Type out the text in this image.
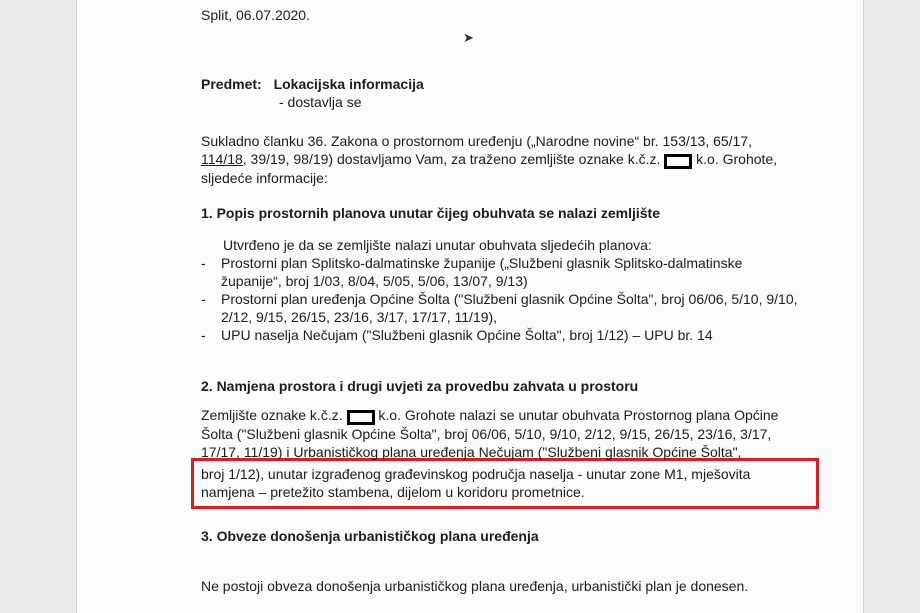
➤
Split, 06.07.2020.
Predmet: Lokacijska informacija
- dostavlja se
Sukladno članku 36. Zakona o prostornom uređenju („Narodne novine“ br. 153/13, 65/17,
114/18, 39/19, 98/19) dostavljamo Vam, za traženo zemljište oznake k.č.z.  k.o. Grohote,
sljedeće informacije:
1. Popis prostornih planova unutar čijeg obuhvata se nalazi zemljište
Utvrđeno je da se zemljište nalazi unutar obuhvata sljedećih planova:
- Prostorni plan Splitsko-dalmatinske županije („Službeni glasnik Splitsko-dalmatinske
županije“, broj 1/03, 8/04, 5/05, 5/06, 13/07, 9/13)
- Prostorni plan uređenja Općine Šolta ("Službeni glasnik Općine Šolta", broj 06/06, 5/10, 9/10,
2/12, 9/15, 26/15, 23/16, 3/17, 17/17, 11/19),
- UPU naselja Nečujam ("Službeni glasnik Općine Šolta", broj 1/12) – UPU br. 14
2. Namjena prostora i drugi uvjeti za provedbu zahvata u prostoru
Zemljište oznake k.č.z.  k.o. Grohote nalazi se unutar obuhvata Prostornog plana Općine
Šolta ("Službeni glasnik Općine Šolta", broj 06/06, 5/10, 9/10, 2/12, 9/15, 26/15, 23/16, 3/17,
17/17, 11/19) i Urbanističkog plana uređenja Nečujam ("Službeni glasnik Općine Šolta",
broj 1/12), unutar izgrađenog građevinskog područja naselja - unutar zone M1, mješovita
namjena – pretežito stambena, dijelom u koridoru prometnice.
3. Obveze donošenja urbanističkog plana uređenja
Ne postoji obveza donošenja urbanističkog plana uređenja, urbanistički plan je donesen.
